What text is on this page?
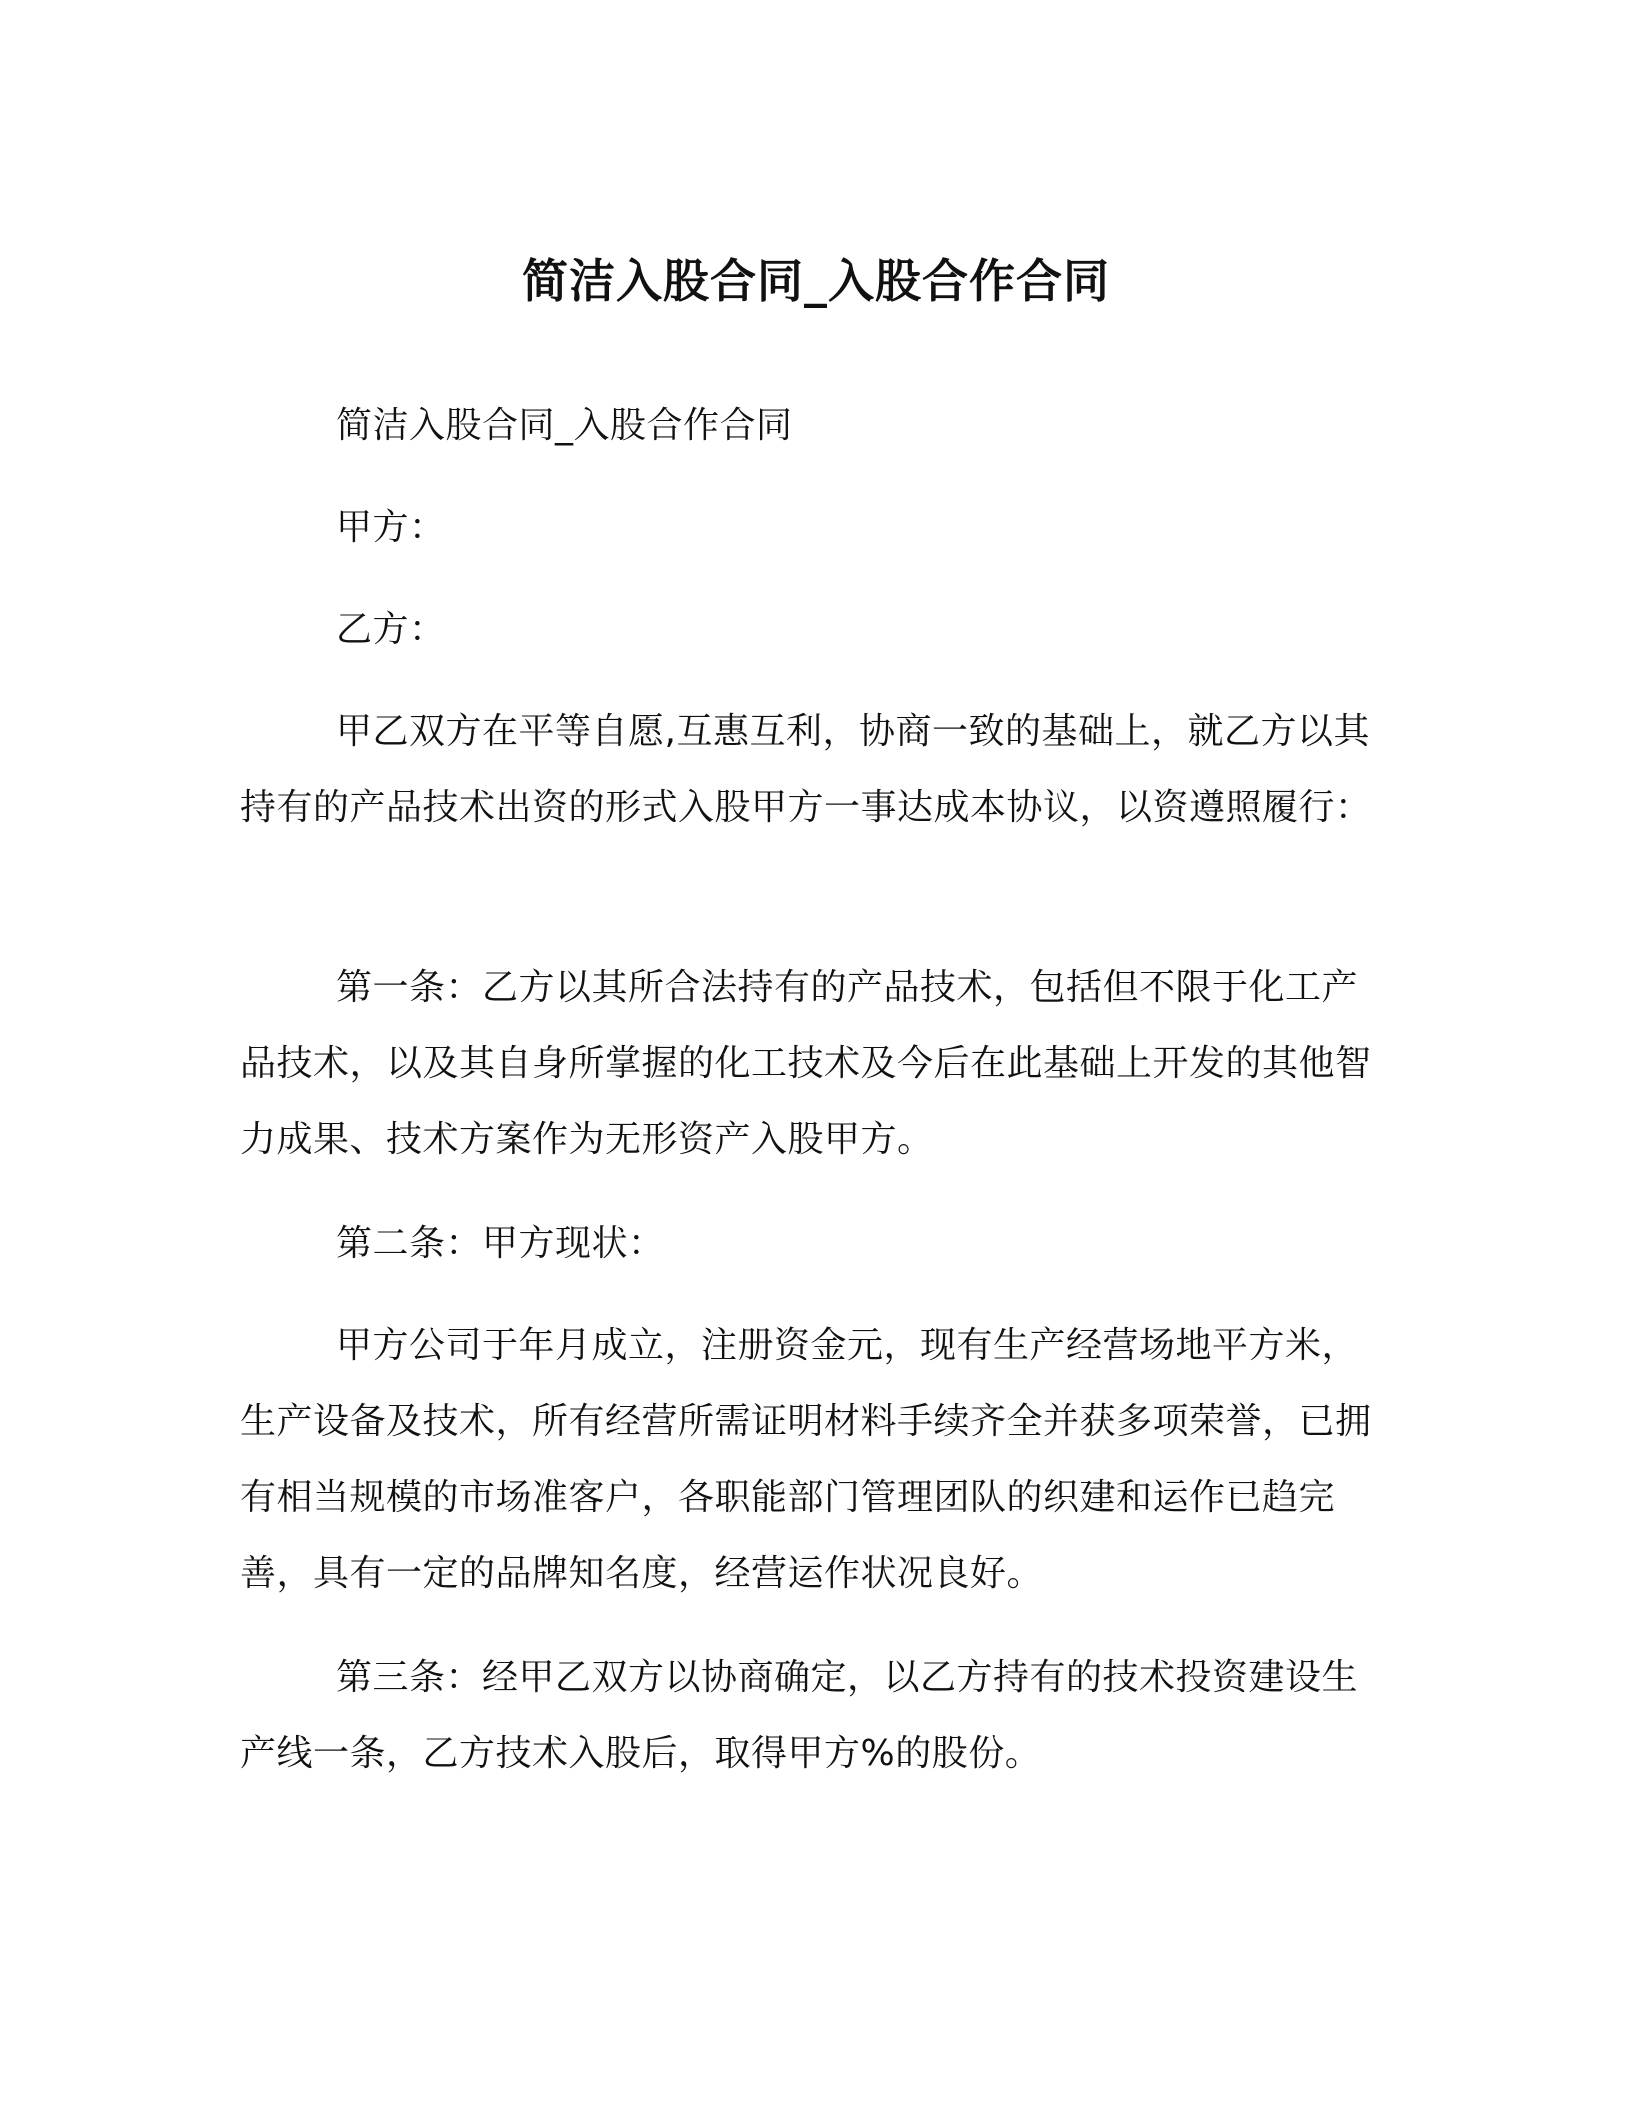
简洁入股合同_入股合作合同

简洁入股合同_入股合作合同

甲方：

乙方：

甲乙双方在平等自愿,互惠互利，协商一致的基础上，就乙方以其持有的产品技术出资的形式入股甲方一事达成本协议，以资遵照履行：

第一条：乙方以其所合法持有的产品技术，包括但不限于化工产品技术，以及其自身所掌握的化工技术及今后在此基础上开发的其他智力成果、技术方案作为无形资产入股甲方。

第二条：甲方现状：

甲方公司于年月成立，注册资金元，现有生产经营场地平方米，生产设备及技术，所有经营所需证明材料手续齐全并获多项荣誉，已拥有相当规模的市场准客户，各职能部门管理团队的织建和运作已趋完善，具有一定的品牌知名度，经营运作状况良好。

第三条：经甲乙双方以协商确定，以乙方持有的技术投资建设生产线一条，乙方技术入股后，取得甲方%的股份。
